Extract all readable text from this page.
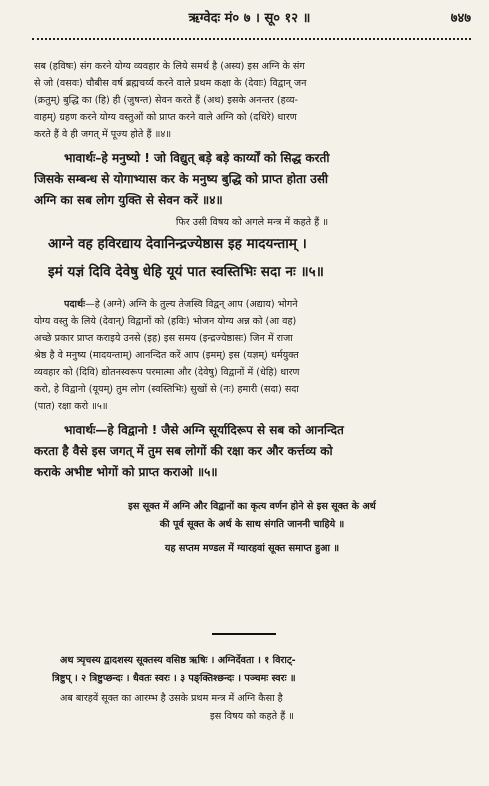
ऋग्वेदः मं० ७ । सू० १२ ॥	७४७
सब (हविषः) संग करने योग्य व्यवहार के लिये समर्थ है (अस्य) इस अग्नि के संग
से जो (वसवः) चौबीस वर्ष ब्रह्मचर्य्य करने वाले प्रथम कक्षा के (देवाः) विद्वान् जन
(क्रतुम्) बुद्धि का (हि) ही (जुषन्त) सेवन करते हैं (अथ) इसके अनन्तर (हव्य-
वाहम्) ग्रहण करने योग्य वस्तुओं को प्राप्त करने वाले अग्नि को (दधिरे) धारण
करते हैं वे ही जगत् में पूज्य होते हैं ॥४॥
भावार्थः–हे मनुष्यो ! जो विद्युत् बड़े बड़े कार्य्यों को सिद्ध करती
जिसके सम्बन्ध से योगाभ्यास कर के मनुष्य बुद्धि को प्राप्त होता उसी
अग्नि का सब लोग युक्ति से सेवन करें ॥४॥
फिर उसी विषय को अगले मन्त्र में कहते हैं ॥
आग्ने वह हविरद्याय देवानिन्द्रज्येष्ठास इह मादयन्ताम् ।
इमं यज्ञं दिवि देवेषु धेहि यूयं पात स्वस्तिभिः सदा नः ॥५॥
पदार्थः—हे (अग्ने) अग्नि के तुल्य तेजस्वि विद्वन् आप (अद्याय) भोगने
योग्य वस्तु के लिये (देवान्) विद्वानों को (हविः) भोजन योग्य अन्न को (आ वह)
अच्छे प्रकार प्राप्त कराइये उनसे (इह) इस समय (इन्द्रज्येष्ठासः) जिन में राजा
श्रेष्ठ है वे मनुष्य (मादयन्ताम्) आनन्दित करें आप (इमम्) इस (यज्ञम्) धर्मयुक्त
व्यवहार को (दिवि) द्योतनस्वरूप परमात्मा और (देवेषु) विद्वानों में (धेहि) धारण
करो, हे विद्वानो (यूयम्) तुम लोग (स्वस्तिभिः) सुखों से (नः) हमारी (सदा) सदा
(पात) रक्षा करो ॥५॥
भावार्थः—हे विद्वानो ! जैसे अग्नि सूर्यादिरूप से सब को आनन्दित
करता है वैसे इस जगत् में तुम सब लोगों की रक्षा कर और कर्त्तव्य को
कराके अभीष्ट भोगों को प्राप्त कराओ ॥५॥
इस सूक्त में अग्नि और विद्वानों का कृत्य वर्णन होने से इस सूक्त के अर्थ
की पूर्व सूक्त के अर्थ के साथ संगति जाननी चाहिये ॥
यह सप्तम मण्डल में ग्यारहवां सूक्त समाप्त हुआ ॥
अथ त्र्यृचस्य द्वादशस्य सूक्तस्य वसिष्ठ ऋषिः । अग्निर्देवता । १ विराट्-
त्रिष्टुप् । २ त्रिष्टुप्छन्दः । धैवतः स्वरः । ३ पङ्क्तिश्छन्दः । पञ्चमः स्वरः ॥
अब बारहवें सूक्त का आरम्भ है उसके प्रथम मन्त्र में अग्नि कैसा है
इस विषय को कहते हैं ॥
